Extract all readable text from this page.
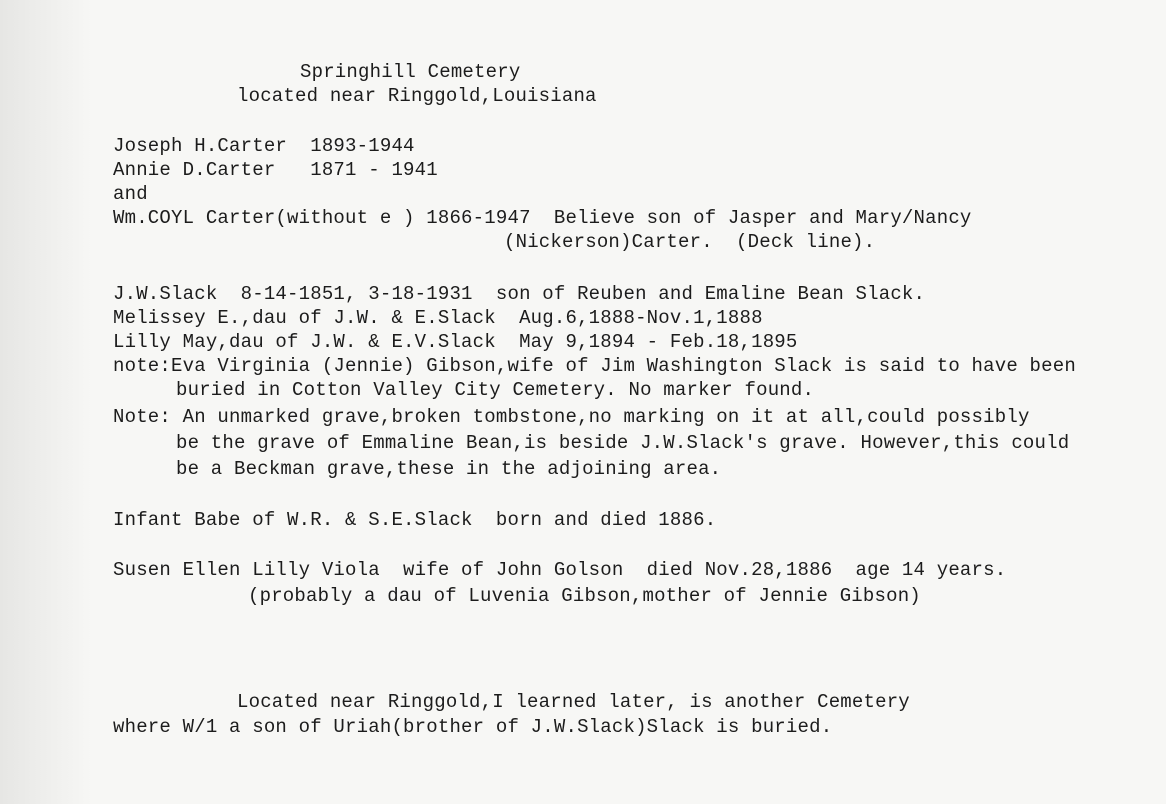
Springhill Cemetery
located near Ringgold,Louisiana
Joseph H.Carter  1893-1944
Annie D.Carter   1871 - 1941
and
Wm.COYL Carter(without e ) 1866-1947  Believe son of Jasper and Mary/Nancy
(Nickerson)Carter.  (Deck line).
J.W.Slack  8-14-1851, 3-18-1931  son of Reuben and Emaline Bean Slack.
Melissey E.,dau of J.W. & E.Slack  Aug.6,1888-Nov.1,1888
Lilly May,dau of J.W. & E.V.Slack  May 9,1894 - Feb.18,1895
note:Eva Virginia (Jennie) Gibson,wife of Jim Washington Slack is said to have been
buried in Cotton Valley City Cemetery. No marker found.
Note: An unmarked grave,broken tombstone,no marking on it at all,could possibly
be the grave of Emmaline Bean,is beside J.W.Slack's grave. However,this could
be a Beckman grave,these in the adjoining area.
Infant Babe of W.R. & S.E.Slack  born and died 1886.
Susen Ellen Lilly Viola  wife of John Golson  died Nov.28,1886  age 14 years.
(probably a dau of Luvenia Gibson,mother of Jennie Gibson)
Located near Ringgold,I learned later, is another Cemetery
where W/1 a son of Uriah(brother of J.W.Slack)Slack is buried.
